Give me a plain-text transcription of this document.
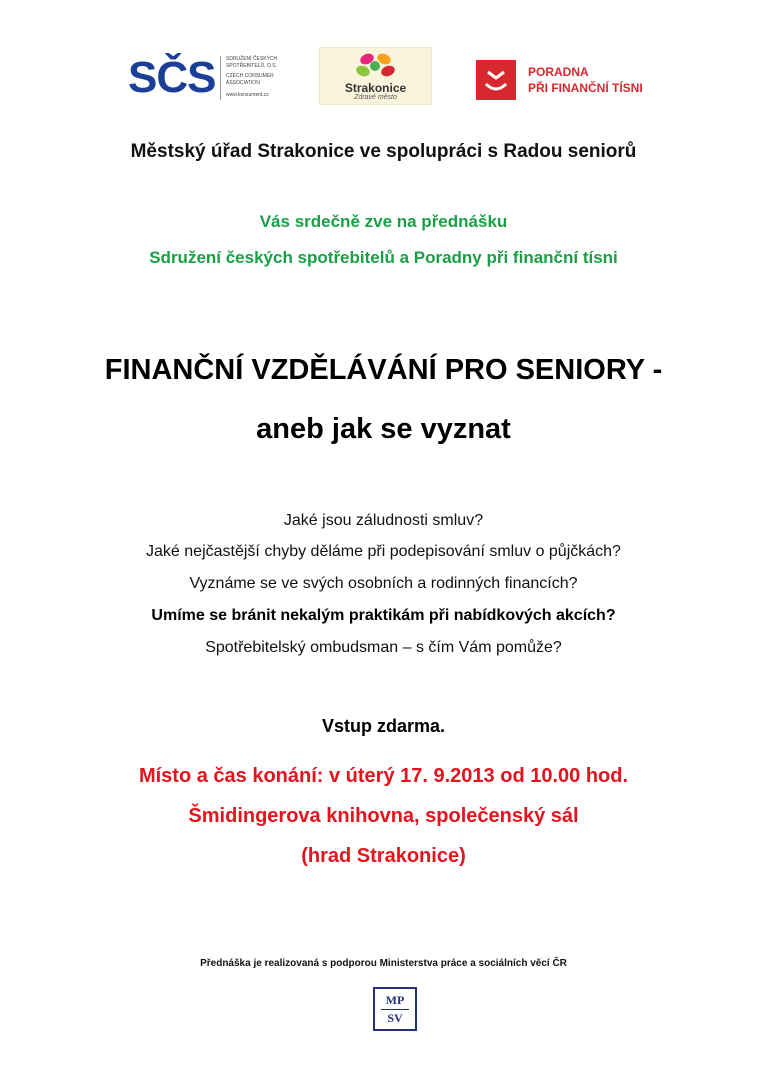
SČS SDRUŽENÍ ČESKÝCH
SPOTŘEBITELŮ, O.S.
CZECH CONSUMER
ASSOCIATION
www.konzument.cz	Strakonice
Zdravé město
PORADNA
PŘI FINANČNÍ TÍSNI
Městský úřad Strakonice ve spolupráci s Radou seniorů
Vás srdečně zve na přednášku
Sdružení českých spotřebitelů a Poradny při finanční tísni
FINANČNÍ VZDĚLÁVÁNÍ PRO SENIORY -
aneb jak se vyznat
Jaké jsou záludnosti smluv?
Jaké nejčastější chyby děláme při podepisování smluv o půjčkách?
Vyznáme se ve svých osobních a rodinných financích?
Umíme se bránit nekalým praktikám při nabídkových akcích?
Spotřebitelský ombudsman – s čím Vám pomůže?
Vstup zdarma.
Místo a čas konání: v úterý 17. 9.2013 od 10.00 hod.
Šmidingerova knihovna, společenský sál
(hrad Strakonice)
Přednáška je realizovaná s podporou Ministerstva práce a sociálních věcí ČR
MP
SV
